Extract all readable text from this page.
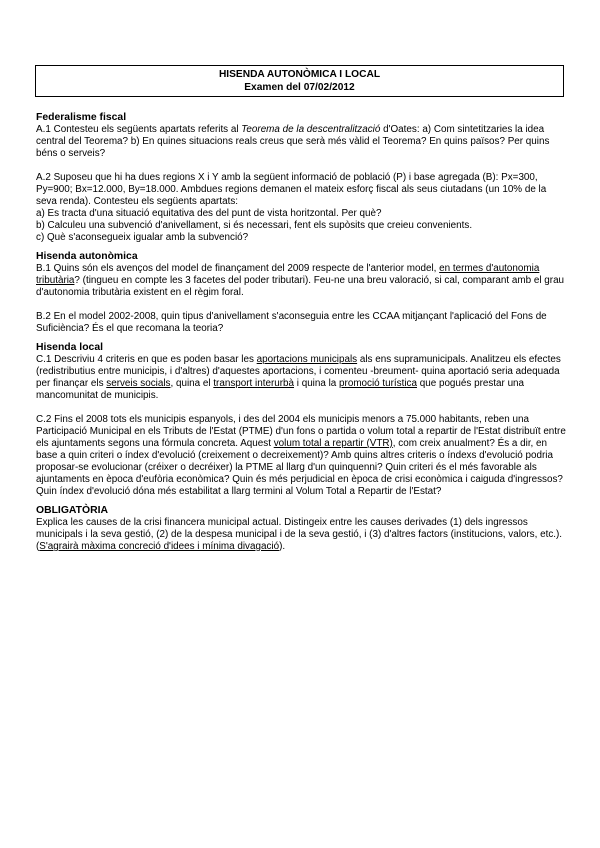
HISENDA AUTONÒMICA I LOCAL
Examen del 07/02/2012
Federalisme fiscal

A.1 Contesteu els següents apartats referits al Teorema de la descentralització d'Oates: a) Com sintetitzaries la idea central del Teorema? b) En quines situacions reals creus que serà més vàlid el Teorema? En quins països? Per quins béns o serveis?

A.2 Suposeu que hi ha dues regions X i Y amb la següent informació de població (P) i base agregada (B): Px=300, Py=900; Bx=12.000, By=18.000. Ambdues regions demanen el mateix esforç fiscal als seus ciutadans (un 10% de la seva renda). Contesteu els següents apartats:

a) Es tracta d'una situació equitativa des del punt de vista horitzontal. Per què?

b) Calculeu una subvenció d'anivellament, si és necessari, fent els supòsits que creieu convenients.

c) Què s'aconsegueix igualar amb la subvenció?

Hisenda autonòmica

B.1 Quins són els avenços del model de finançament del 2009 respecte de l'anterior model, en termes d'autonomia tributària? (tingueu en compte les 3 facetes del poder tributari). Feu-ne una breu valoració, si cal, comparant amb el grau d'autonomia tributària existent en el règim foral.

B.2 En el model 2002-2008, quin tipus d'anivellament s'aconseguia entre les CCAA mitjançant l'aplicació del Fons de Suficiència? És el que recomana la teoria?

Hisenda local

C.1 Descriviu 4 criteris en que es poden basar les aportacions municipals als ens supramunicipals. Analitzeu els efectes (redistributius entre municipis, i d'altres) d'aquestes aportacions, i comenteu -breument- quina aportació seria adequada per finançar els serveis socials, quina el transport interurbà i quina la promoció turística que pogués prestar una mancomunitat de municipis.

C.2 Fins el 2008 tots els municipis espanyols, i des del 2004 els municipis menors a 75.000 habitants, reben una Participació Municipal en els Tributs de l'Estat (PTME) d'un fons o partida o volum total a repartir de l'Estat distribuït entre els ajuntaments segons una fórmula concreta. Aquest volum total a repartir (VTR), com creix anualment? És a dir, en base a quin criteri o índex d'evolució (creixement o decreixement)? Amb quins altres criteris o índexs d'evolució podria proposar-se evolucionar (créixer o decréixer) la PTME al llarg d'un quinquenni? Quin criteri és el més favorable als ajuntaments en època d'eufòria econòmica? Quin és més perjudicial en època de crisi econòmica i caiguda d'ingressos? Quin índex d'evolució dóna més estabilitat a llarg termini al Volum Total a Repartir de l'Estat?

OBLIGATÒRIA

Explica les causes de la crisi financera municipal actual. Distingeix entre les causes derivades (1) dels ingressos municipals i la seva gestió, (2) de la despesa municipal i de la seva gestió, i (3) d'altres factors (institucions, valors, etc.). (S'agrairà màxima concreció d'idees i mínima divagació).
